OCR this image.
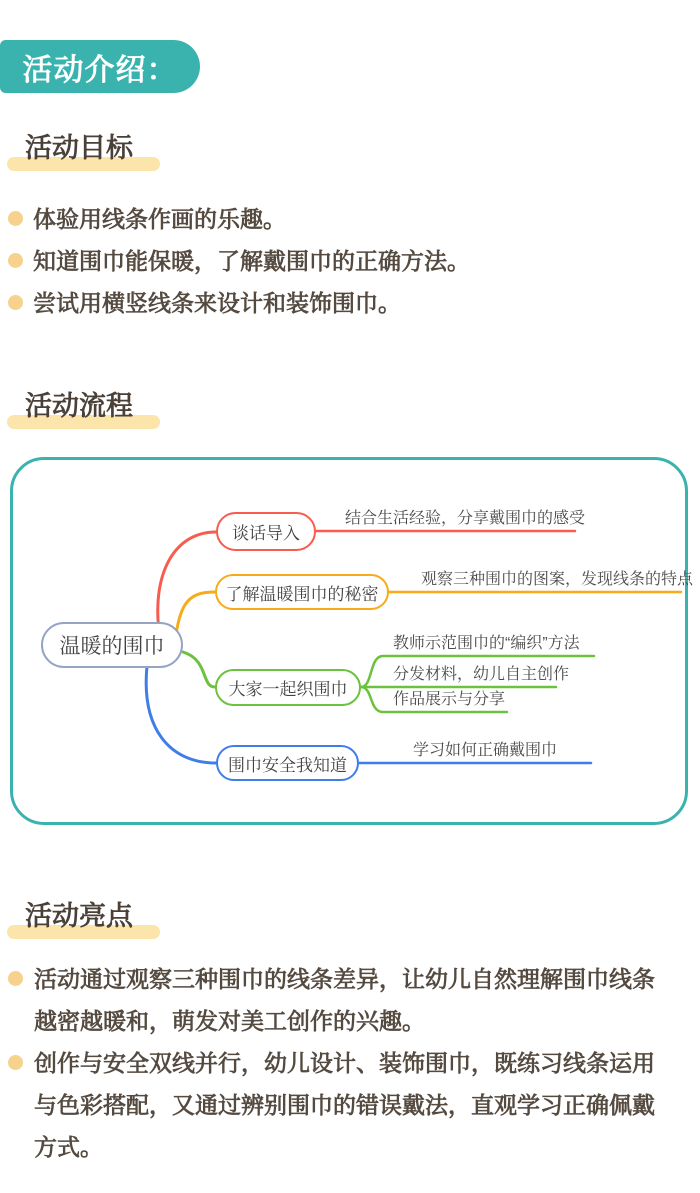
活动介绍：
活动目标
体验用线条作画的乐趣。
知道围巾能保暖，了解戴围巾的正确方法。
尝试用横竖线条来设计和装饰围巾。
活动流程
温暖的围巾
谈话导入
了解温暖围巾的秘密
大家一起织围巾
围巾安全我知道
结合生活经验，分享戴围巾的感受
观察三种围巾的图案，发现线条的特点
教师示范围巾的“编织”方法
分发材料，幼儿自主创作
作品展示与分享
学习如何正确戴围巾
活动亮点
活动通过观察三种围巾的线条差异，让幼儿自然理解围巾线条越密越暖和，萌发对美工创作的兴趣。
创作与安全双线并行，幼儿设计、装饰围巾，既练习线条运用与色彩搭配，又通过辨别围巾的错误戴法，直观学习正确佩戴方式。
